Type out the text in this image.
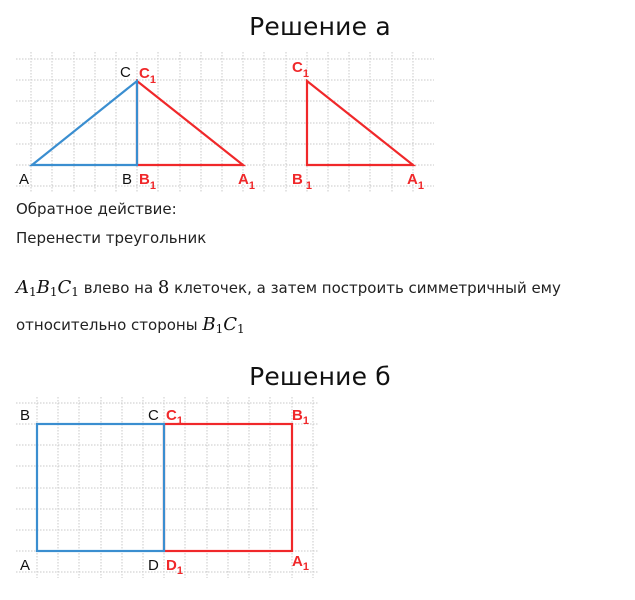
Решение а
A	B
C $C_1$
$B_1$	$A_1$
$C_1$
B $_1$	$A_1$
Обратное действие:
Перенести треугольник
$A_1B_1C_1$ влево на 8 клеточек, а затем построить симметричный ему
относительно стороны $B_1C_1$
Решение б
B	C
A	D
$C_1$	$B_1$
$D_1$
$A_1$
